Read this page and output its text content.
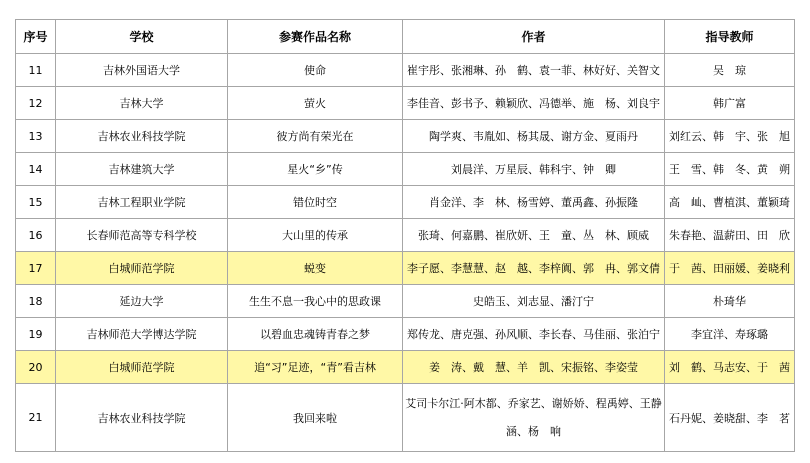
序号	学校	参赛作品名称	作者	指导教师
11	吉林外国语大学	使命	崔宇彤、张湘琳、孙　鹤、袁一菲、林好好、关智文	吴　琼
12	吉林大学	萤火	李佳音、彭书予、赖颖欣、冯德举、施　杨、刘良宇	韩广富
13	吉林农业科技学院	彼方尚有荣光在	陶学爽、韦胤如、杨其晟、谢方金、夏雨丹	刘红云、韩　宇、张　旭
14	吉林建筑大学	星火“乡”传	刘晨洋、万星辰、韩科宇、钟　卿	王　雪、韩　冬、黄　朔
15	吉林工程职业学院	错位时空	肖金洋、李　林、杨雪婷、董禹鑫、孙振隆	高　屾、曹植淇、董颖琦
16	长春师范高等专科学校	大山里的传承	张琦、何嘉鹏、崔欣妍、王　童、丛　林、顾威	朱春艳、温薪田、田　欣
17	白城师范学院	蜕变	李子愿、李慧慧、赵　越、李梓阗、郭　冉、郭文倩	于　茜、田丽媛、姜晓利
18	延边大学	生生不息一我心中的思政课	史皓玉、刘志显、潘汀宁	朴琦华
19	吉林师范大学博达学院	以碧血忠魂铸青春之梦	郑传龙、唐克强、孙风顺、李长春、马佳丽、张泊宁	李宜洋、寿琢璐
20	白城师范学院	追“习”足迹，“青”看吉林	姜　涛、戴　慧、羊　凯、宋振铭、李姿莹	刘　鹤、马志安、于　茜
21	吉林农业科技学院	我回来啦	艾司卡尔江·阿木都、乔家艺、谢娇娇、程禹婷、王静涵、杨　响	石丹妮、姜晓甜、李　茗
